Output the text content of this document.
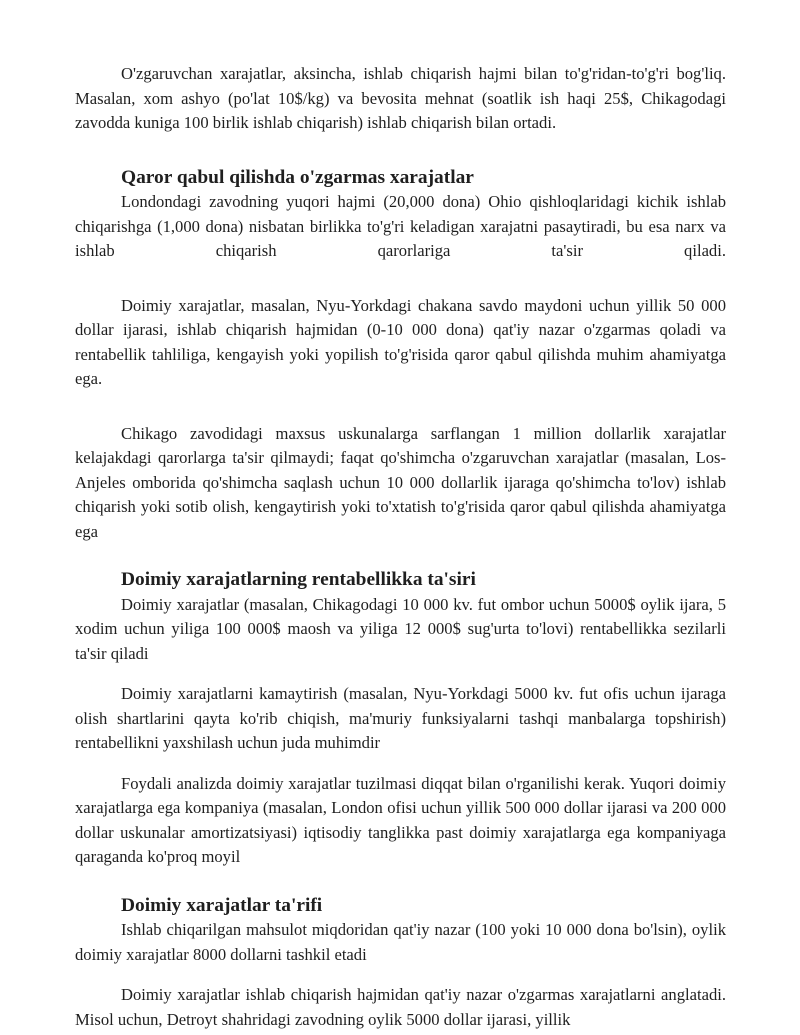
O'zgaruvchan xarajatlar, aksincha, ishlab chiqarish hajmi bilan to'g'ridan-to'g'ri bog'liq. Masalan, xom ashyo (po'lat 10$/kg) va bevosita mehnat (soatlik ish haqi 25$, Chikagodagi zavodda kuniga 100 birlik ishlab chiqarish) ishlab chiqarish bilan ortadi.

Qaror qabul qilishda o'zgarmas xarajatlar

Londondagi zavodning yuqori hajmi (20,000 dona) Ohio qishloqlaridagi kichik ishlab chiqarishga (1,000 dona) nisbatan birlikka to'g'ri keladigan xarajatni pasaytiradi, bu esa narx va ishlab chiqarish qarorlariga ta'sir qiladi.

Doimiy xarajatlar, masalan, Nyu-Yorkdagi chakana savdo maydoni uchun yillik 50 000 dollar ijarasi, ishlab chiqarish hajmidan (0-10 000 dona) qat'iy nazar o'zgarmas qoladi va rentabellik tahliliga, kengayish yoki yopilish to'g'risida qaror qabul qilishda muhim ahamiyatga ega.

Chikago zavodidagi maxsus uskunalarga sarflangan 1 million dollarlik xarajatlar kelajakdagi qarorlarga ta'sir qilmaydi; faqat qo'shimcha o'zgaruvchan xarajatlar (masalan, Los-Anjeles omborida qo'shimcha saqlash uchun 10 000 dollarlik ijaraga qo'shimcha to'lov) ishlab chiqarish yoki sotib olish, kengaytirish yoki to'xtatish to'g'risida qaror qabul qilishda ahamiyatga ega

Doimiy xarajatlarning rentabellikka ta'siri

Doimiy xarajatlar (masalan, Chikagodagi 10 000 kv. fut ombor uchun 5000$ oylik ijara, 5 xodim uchun yiliga 100 000$ maosh va yiliga 12 000$ sug'urta to'lovi) rentabellikka sezilarli ta'sir qiladi

Doimiy xarajatlarni kamaytirish (masalan, Nyu-Yorkdagi 5000 kv. fut ofis uchun ijaraga olish shartlarini qayta ko'rib chiqish, ma'muriy funksiyalarni tashqi manbalarga topshirish) rentabellikni yaxshilash uchun juda muhimdir

Foydali analizda doimiy xarajatlar tuzilmasi diqqat bilan o'rganilishi kerak. Yuqori doimiy xarajatlarga ega kompaniya (masalan, London ofisi uchun yillik 500 000 dollar ijarasi va 200 000 dollar uskunalar amortizatsiyasi) iqtisodiy tanglikka past doimiy xarajatlarga ega kompaniyaga qaraganda ko'proq moyil

Doimiy xarajatlar ta'rifi

Ishlab chiqarilgan mahsulot miqdoridan qat'iy nazar (100 yoki 10 000 dona bo'lsin), oylik doimiy xarajatlar 8000 dollarni tashkil etadi

Doimiy xarajatlar ishlab chiqarish hajmidan qat'iy nazar o'zgarmas xarajatlarni anglatadi. Misol uchun, Detroyt shahridagi zavodning oylik 5000 dollar ijarasi, yillik
